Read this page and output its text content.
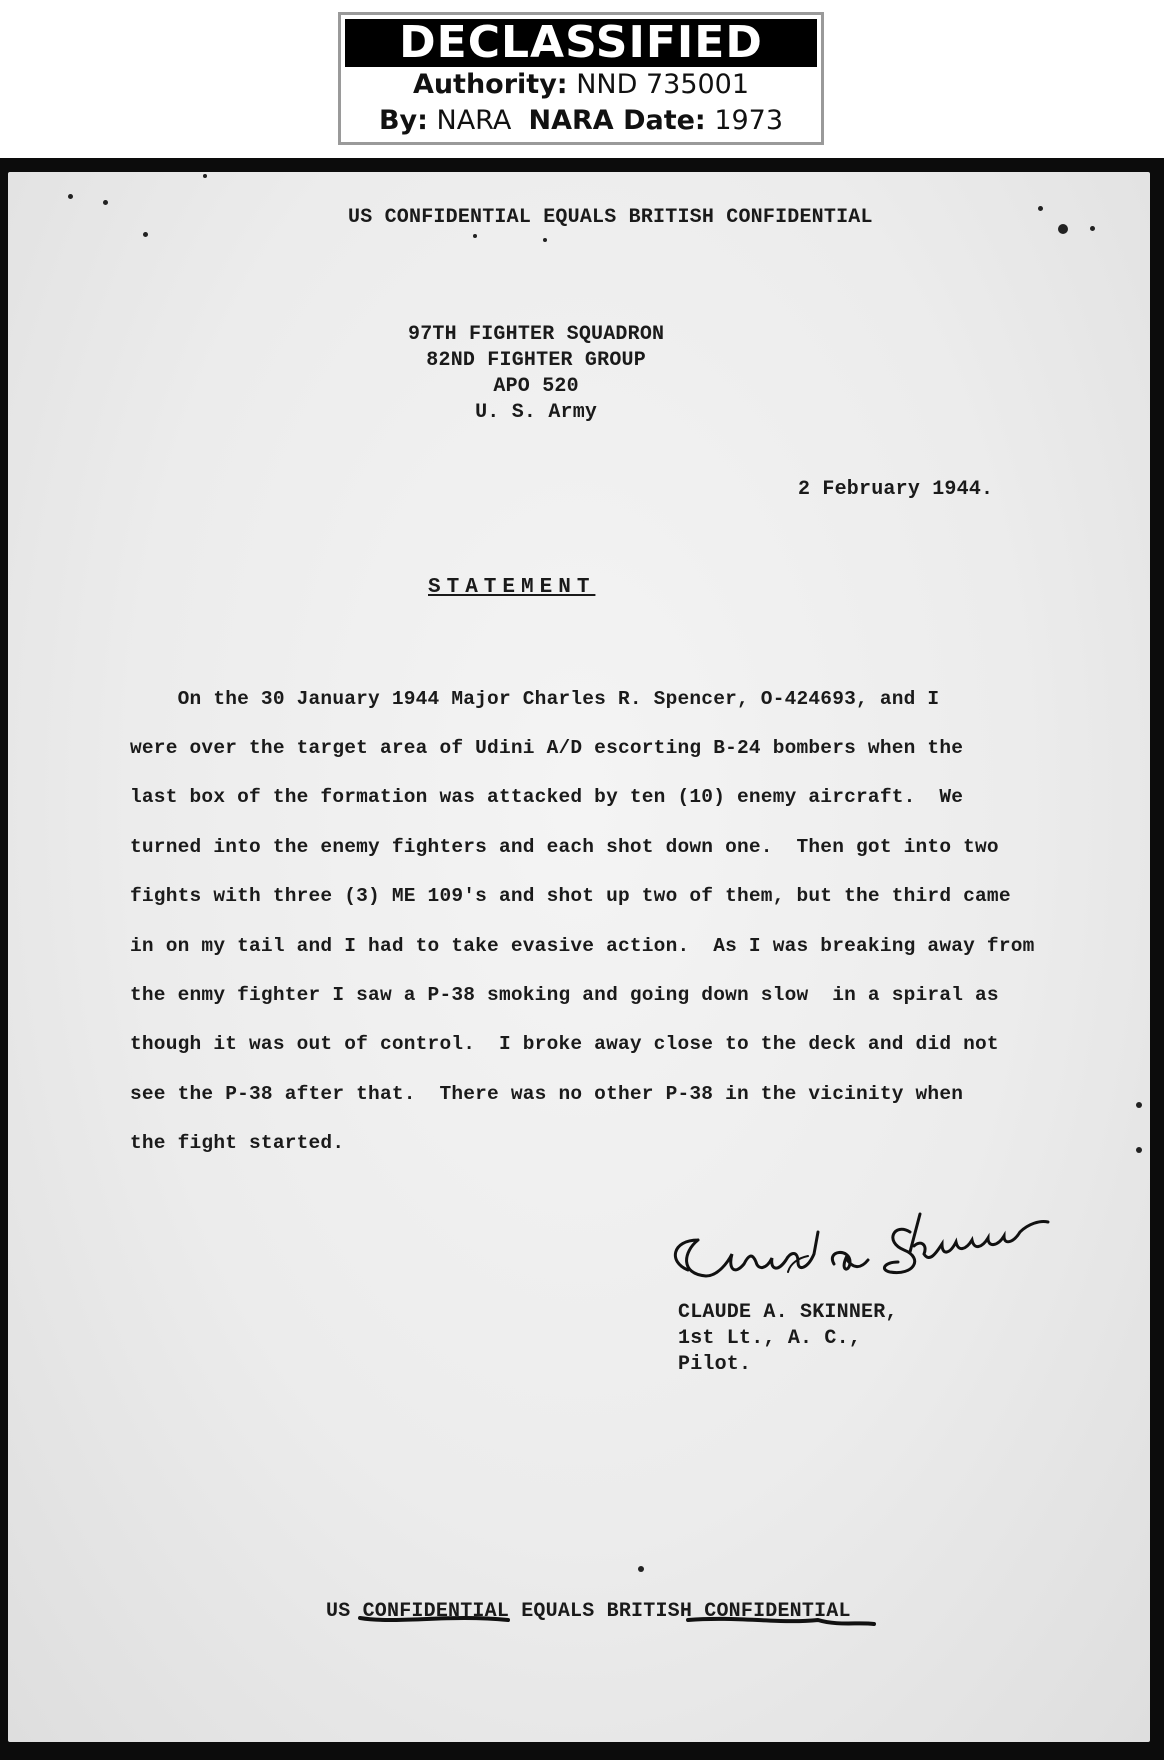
DECLASSIFIED
Authority: NND 735001
By: NARA NARA Date: 1973
US CONFIDENTIAL EQUALS BRITISH CONFIDENTIAL
97TH FIGHTER SQUADRON
82ND FIGHTER GROUP
APO 520
U. S. Army
2 February 1944.
STATEMENT
On the 30 January 1944 Major Charles R. Spencer, O-424693, and I
were over the target area of Udini A/D escorting B-24 bombers when the
last box of the formation was attacked by ten (10) enemy aircraft.  We
turned into the enemy fighters and each shot down one.  Then got into two
fights with three (3) ME 109's and shot up two of them, but the third came
in on my tail and I had to take evasive action.  As I was breaking away from
the enmy fighter I saw a P-38 smoking and going down slow  in a spiral as
though it was out of control.  I broke away close to the deck and did not
see the P-38 after that.  There was no other P-38 in the vicinity when
the fight started.
CLAUDE A. SKINNER,
1st Lt., A. C.,
Pilot.
US CONFIDENTIAL EQUALS BRITISH CONFIDENTIAL
